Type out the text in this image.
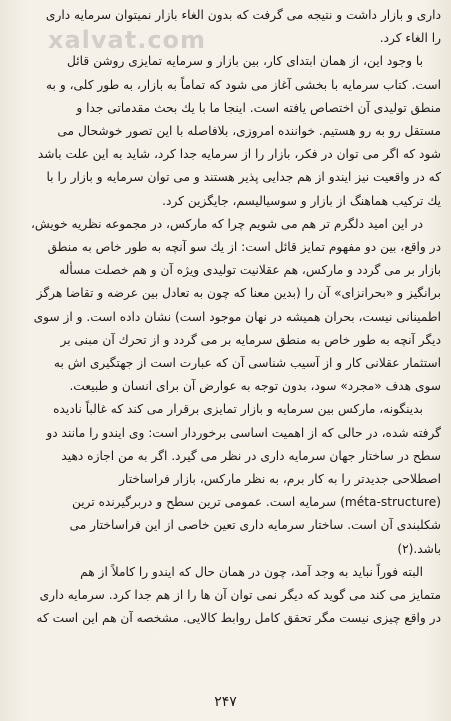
xalvat.com
داری و بازار داشت و نتیجه می گرفت که بدون الغاء بازار نمیتوان سرمایه داری
را الغاء کرد.
با وجود این، از همان ابتدای کار، بین بازار و سرمایه تمایزی روشن قائل
است. کتاب سرمایه با بخشی آغاز می شود که تماماً به بازار، به طور کلی، و به
منطق تولیدی آن اختصاص یافته است. اینجا ما با یك بحث مقدماتی جدا و
مستقل رو به رو هستیم. خواننده امروزی، بلافاصله با این تصور خوشحال می
شود که اگر می توان در فکر، بازار را از سرمایه جدا کرد، شاید به این علت باشد
که در واقعیت نیز ایندو از هم جدایی پذیر هستند و می توان سرمایه و بازار را با
یك ترکیب هماهنگ از بازار و سوسیالیسم، جایگزین کرد.
در این امید دلگرم تر هم می شویم چرا که مارکس، در مجموعه نظریه خویش،
در واقع، بین دو مفهوم تمایز قائل است: از یك سو آنچه به طور خاص به منطق
بازار بر می گردد و مارکس، هم عقلانیت تولیدی ویژه آن و هم خصلت مسأله
برانگیز و «بحرانزای» آن را (بدین معنا که چون به تعادل بین عرضه و تقاضا هرگز
اطمینانی نیست، بحران همیشه در نهان موجود است) نشان داده است. و از سوی
دیگر آنچه به طور خاص به منطق سرمایه بر می گردد و از تحرك آن مبنی بر
استثمار عقلانی کار و از آسیب شناسی آن که عبارت است از جهتگیری اش به
سوی هدف «مجرد» سود، بدون توجه به عوارض آن برای انسان و طبیعت.
بدینگونه، مارکس بین سرمایه و بازار تمایزی برقرار می کند که غالباً نادیده
گرفته شده، در حالی که از اهمیت اساسی برخوردار است: وی ایندو را مانند دو
سطح در ساختار جهان سرمایه داری در نظر می گیرد. اگر به من اجازه دهید
اصطلاحی جدیدتر را به کار برم، به نظر مارکس، بازار فراساختار
(méta-structure) سرمایه است. عمومی ترین سطح و دربرگیرنده ترین
شکلبندی آن است. ساختار سرمایه داری تعین خاصی از این فراساختار می
باشد.(۲)
البته فوراً نباید به وجد آمد، چون در همان حال که ایندو را کاملاً از هم
متمایز می کند می گوید که دیگر نمی توان آن ها را از هم جدا کرد. سرمایه داری
در واقع چیزی نیست مگر تحقق کامل روابط کالایی. مشخصه آن هم این است که
۲۴۷
